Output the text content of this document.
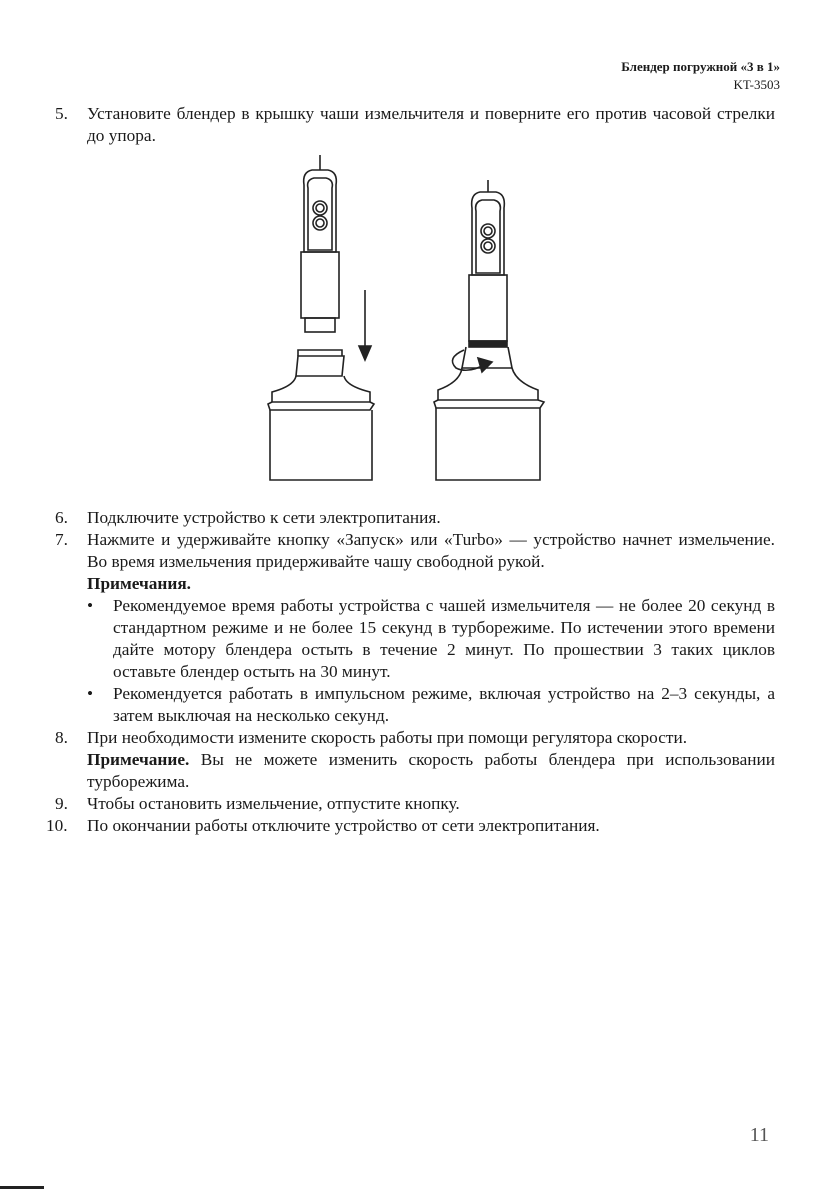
Блендер погружной «3 в 1»
KT-3503
5. Установите блендер в крышку чаши измельчителя и поверните его против часовой стрелки до упора.
6. Подключите устройство к сети электропитания.
7. Нажмите и удерживайте кнопку «Запуск» или «Turbo» — устройство начнет измельчение. Во время измельчения придерживайте чашу свободной рукой.
Примечания.
• Рекомендуемое время работы устройства с чашей измельчителя — не более 20 секунд в стандартном режиме и не более 15 секунд в турборежиме. По истечении этого времени дайте мотору блендера остыть в течение 2 минут. По прошествии 3 таких циклов оставьте блендер остыть на 30 минут.
• Рекомендуется работать в импульсном режиме, включая устройство на 2–3 секунды, а затем выключая на несколько секунд.
8. При необходимости измените скорость работы при помощи регулятора скорости.
Примечание. Вы не можете изменить скорость работы блендера при использовании турборежима.
9. Чтобы остановить измельчение, отпустите кнопку.
10. По окончании работы отключите устройство от сети электропитания.
11
